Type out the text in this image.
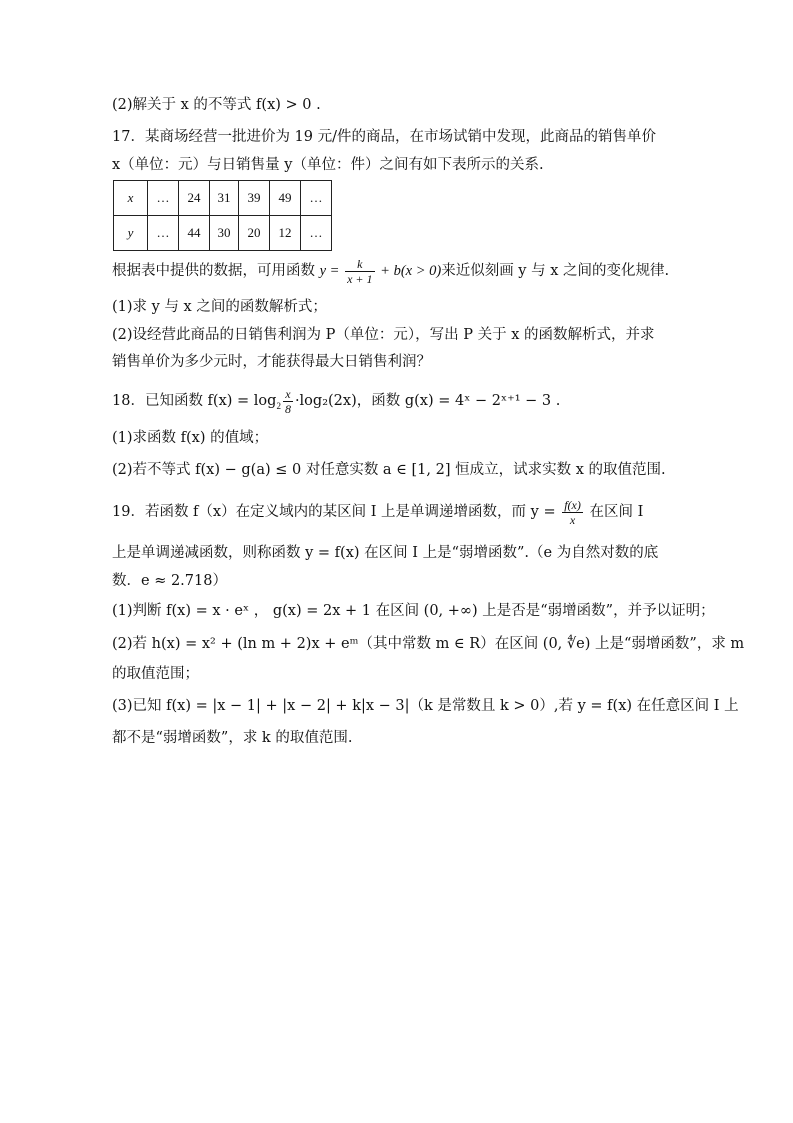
(2)解关于 x 的不等式 f(x) > 0 .
17．某商场经营一批进价为 19 元/件的商品，在市场试销中发现，此商品的销售单价
x（单位：元）与日销售量 y（单位：件）之间有如下表所示的关系.
x	…	24	31	39	49	…
y	…	44	30	20	12	…
根据表中提供的数据，可用函数 $y = \frac{k}{x + 1} + b(x > 0)$来近似刻画 y 与 x 之间的变化规律.
(1)求 y 与 x 之间的函数解析式；
(2)设经营此商品的日销售利润为 P（单位：元），写出 P 关于 x 的函数解析式，并求
销售单价为多少元时，才能获得最大日销售利润？
18．已知函数 $f(x) = \log_2 \frac{x}{8} \cdot\log_2(2x)$，函数 g(x) = 4ˣ − 2ˣ⁺¹ − 3 .
(1)求函数 f(x) 的值域；
(2)若不等式 f(x) − g(a) ≤ 0 对任意实数 a ∈ [1, 2] 恒成立，试求实数 x 的取值范围.
19．若函数 f（x）在定义域内的某区间 I 上是单调递增函数，而 $y = \frac{f(x)}{x}$ 在区间 I
上是单调递减函数，则称函数 y = f(x) 在区间 I 上是“弱增函数”.（e 为自然对数的底
数．e ≈ 2.718）
(1)判断 f(x) = x · eˣ ， g(x) = 2x + 1 在区间 (0, +∞) 上是否是“弱增函数”，并予以证明；
(2)若 h(x) = x² + (ln m + 2)x + eᵐ（其中常数 m ∈ R）在区间 (0, ∜e) 上是“弱增函数”，求 m
的取值范围；
(3)已知 f(x) = |x − 1| + |x − 2| + k|x − 3|（k 是常数且 k > 0）,若 y = f(x) 在任意区间 I 上
都不是“弱增函数”，求 k 的取值范围.
